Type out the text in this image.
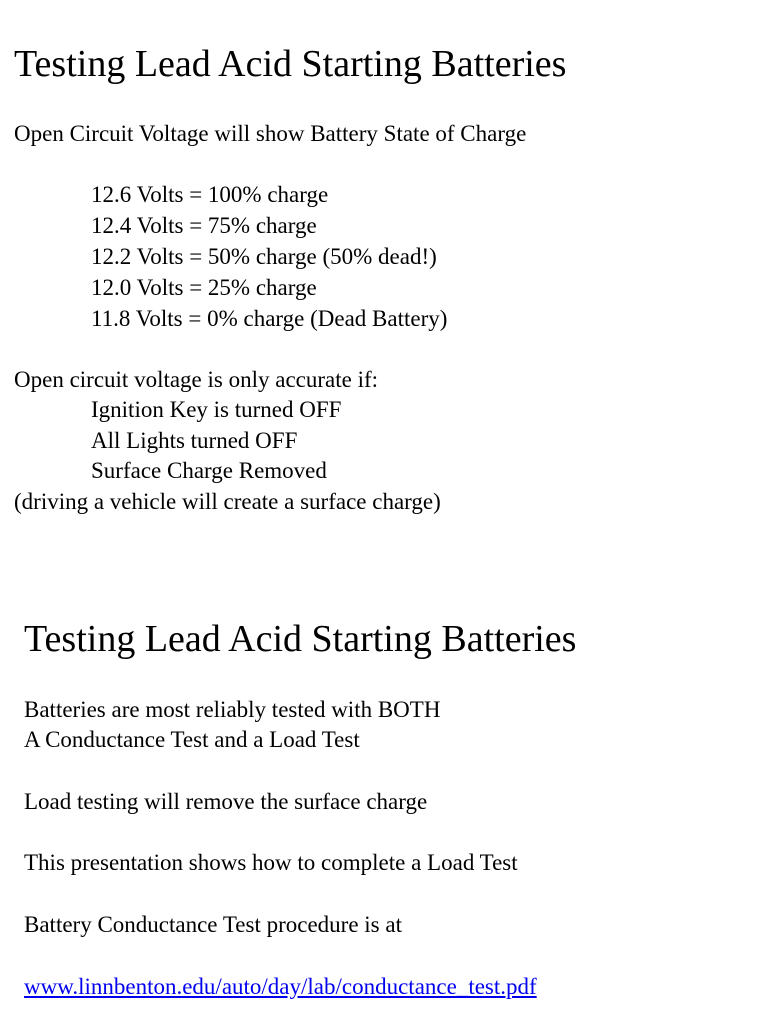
Testing Lead Acid Starting Batteries

Open Circuit Voltage will show Battery State of Charge

12.6 Volts = 100% charge

12.4 Volts = 75% charge

12.2 Volts = 50% charge (50% dead!)

12.0 Volts = 25% charge

11.8 Volts = 0% charge (Dead Battery)

Open circuit voltage is only accurate if:

Ignition Key is turned OFF

All Lights turned OFF

Surface Charge Removed

(driving a vehicle will create a surface charge)

Testing Lead Acid Starting Batteries

Batteries are most reliably tested with BOTH

A Conductance Test and a Load Test

Load testing will remove the surface charge

This presentation shows how to complete a Load Test

Battery Conductance Test procedure is at

www.linnbenton.edu/auto/day/lab/conductance_test.pdf
